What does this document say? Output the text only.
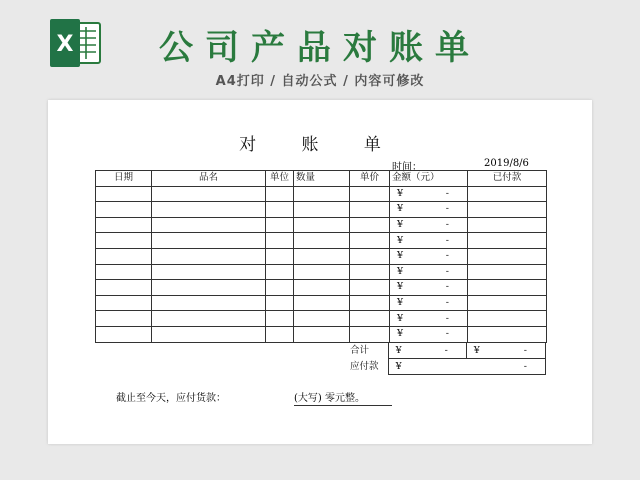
X	公司产品对账单
A4打印 / 自动公式 / 内容可修改
对 账 单
时间：	2019/8/6
日期	品名	单位	数量	单价	金额（元）	已付款

					¥ -	

					¥ -	

					¥ -	

					¥ -	

					¥ -	

					¥ -	

					¥ -	

					¥ -	

					¥ -	

					¥ -	

合计	¥ -	¥ -

应付款	¥ -	
截止至今天，应付货款：	(大写) 零元整。
